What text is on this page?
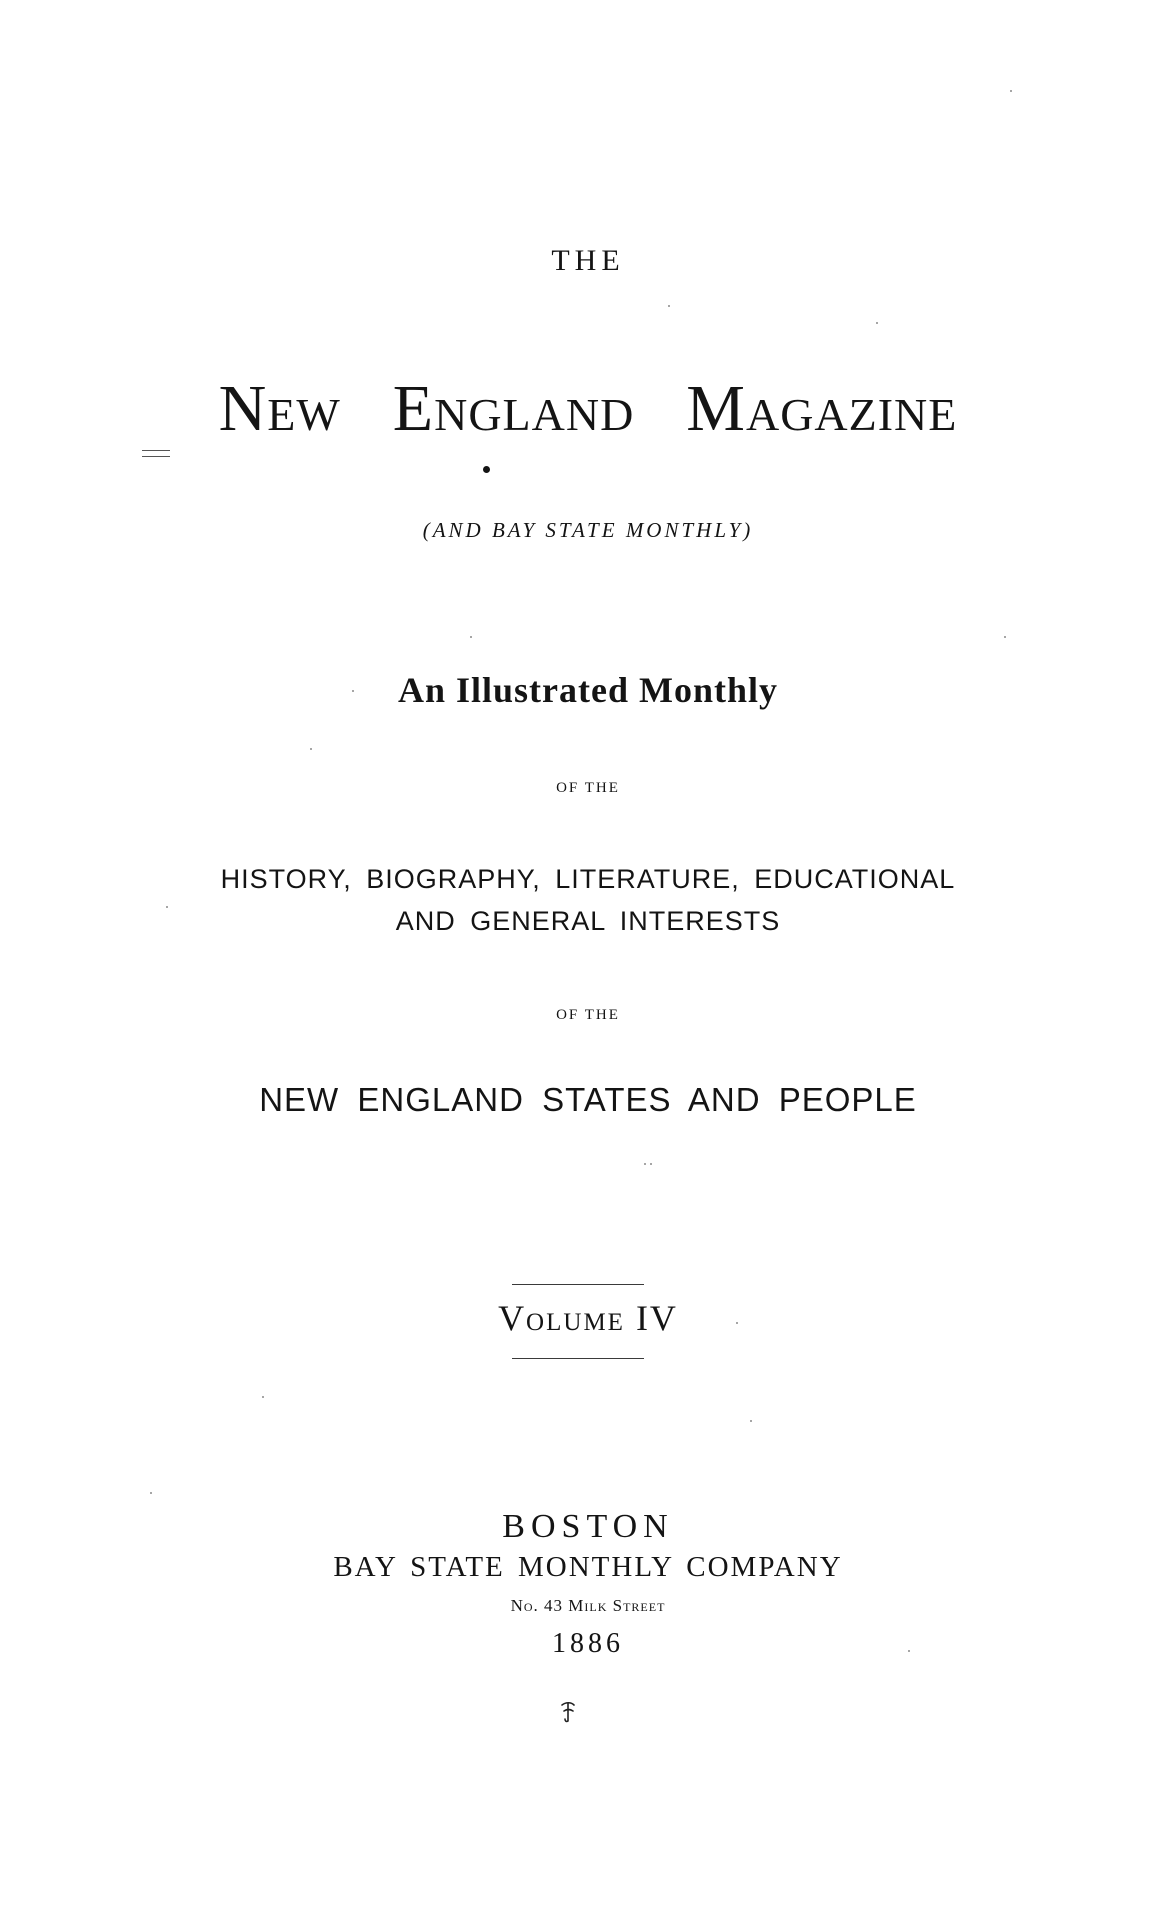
THE
New England Magazine
(AND BAY STATE MONTHLY)
An Illustrated Monthly
OF THE
HISTORY, BIOGRAPHY, LITERATURE, EDUCATIONAL
AND GENERAL INTERESTS
OF THE
NEW ENGLAND STATES AND PEOPLE
Volume IV
BOSTON
BAY STATE MONTHLY COMPANY
No. 43 Milk Street
1886
